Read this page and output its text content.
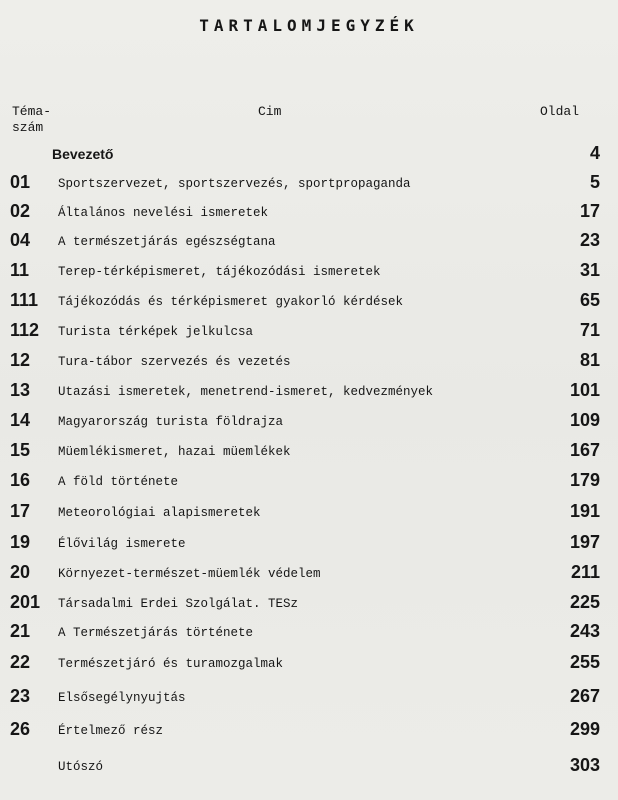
TARTALOMJEGYZÉK
Téma-
szám
Cim	Oldal
Bevezető	4
01 Sportszervezet, sportszervezés, sportpropaganda	5
02 Általános nevelési ismeretek	17
04 A természetjárás egészségtana	23
11 Terep-térképismeret, tájékozódási ismeretek	31
111 Tájékozódás és térképismeret gyakorló kérdések	65
112 Turista térképek jelkulcsa	71
12 Tura-tábor szervezés és vezetés	81
13 Utazási ismeretek, menetrend-ismeret, kedvezmények	101
14 Magyarország turista földrajza	109
15 Müemlékismeret, hazai müemlékek	167
16 A föld története	179
17 Meteorológiai alapismeretek	191
19 Élővilág ismerete	197
20 Környezet-természet-müemlék védelem	211
201 Társadalmi Erdei Szolgálat. TESz	225
21 A Természetjárás története	243
22 Természetjáró és turamozgalmak	255
23 Elsősegélynyujtás	267
26 Értelmező rész	299
Utószó	303
